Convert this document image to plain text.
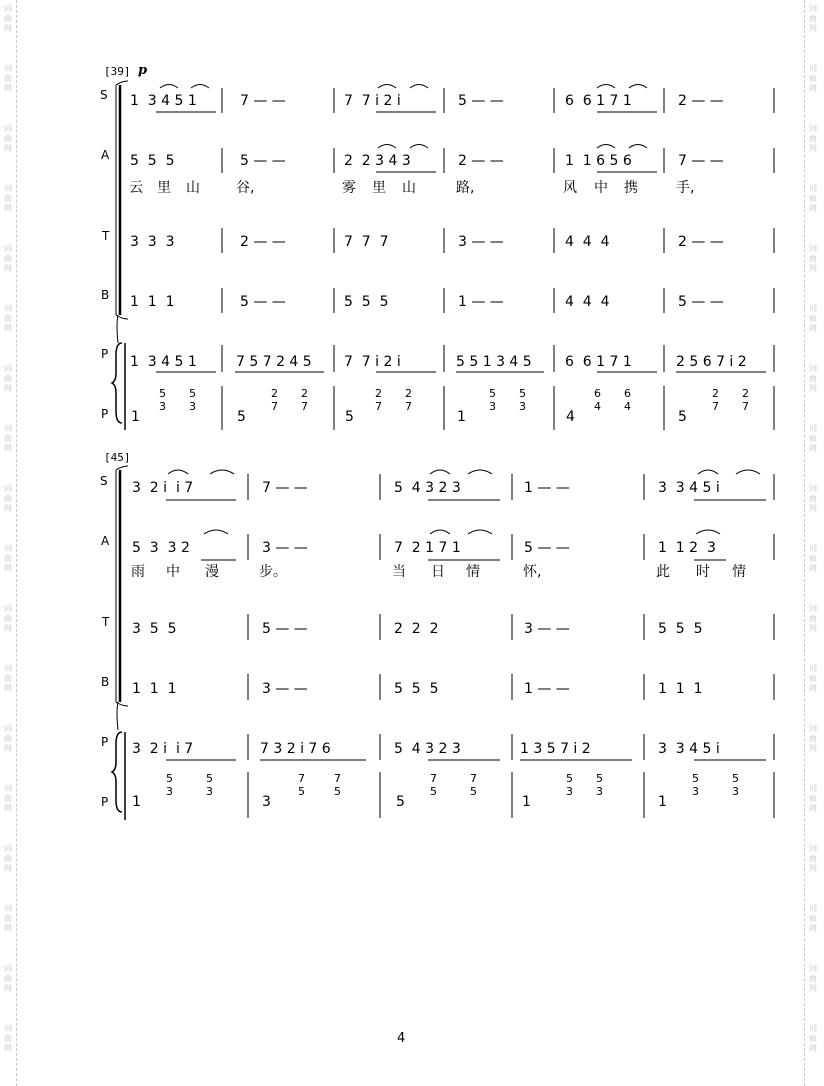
词
曲
网
词
曲
网
词
曲
网
词
曲
网
词
曲
网
词
曲
网
词
曲
网
词
曲
网
词
曲
网
词
曲
网
词
曲
网
词
曲
网
词
曲
网
词
曲
网
词
曲
网
词
曲
网
词
曲
网
词
曲
网
词
曲
网
词
曲
网
词
曲
网
词
曲
网
词
曲
网
词
曲
网
词
曲
网
词
曲
网
词
曲
网
词
曲
网
词
曲
网
词
曲
网
词
曲
网
词
曲
网
词
曲
网
词
曲
网
词
曲
网
词
曲
网
[39] p
S
A
T
B
P
P
1  3 4 5 1	7 — —	7  7 i 2 i	5 — —	6  6 1 7 1	2 — —
5  5  5	5 — —	2  2 3 4 3	2 — —	1  1 6 5 6	7 — —
云 里 山	谷,	雾 里 山	路,	风 中 携	手,
3  3  3	2 — —	7  7  7	3 — —	4  4  4	2 — —
1  1  1	5 — —	5  5  5	1 — —	4  4  4	5 — —
1  3 4 5 1	7 5 7 2 4 5 7  7 i 2 i	5 5 1 3 4 5 6  6 1 7 1	2 5 6 7 i 2
5
3
5
3
1
2
7
2
7
5
2
7
2
7
5
5
3
5
3
1
6
4
6
4
4
2
7
2
7
5
[45]
S
A
T
B
P
P
3  2 i  i 7	7 — —	5  4 3 2 3	1 — —	3  3 4 5 i
5  3  3 2	3 — —	7  2 1 7 1	5 — —	1  1 2  3
雨 中 漫	步。	当 日 情	怀,	此 时 情
3  5  5	5 — —	2  2  2	3 — —	5  5  5
1  1  1	3 — —	5  5  5	1 — —	1  1  1
3  2 i  i 7	7 3 2 i 7 6	5  4 3 2 3	1 3 5 7 i 2	3  3 4 5 i
5
3
5
3
1
7
5
7
5
3
7
5
7
5
5
5
3
5
3
1
5
3
5
3
1
4
